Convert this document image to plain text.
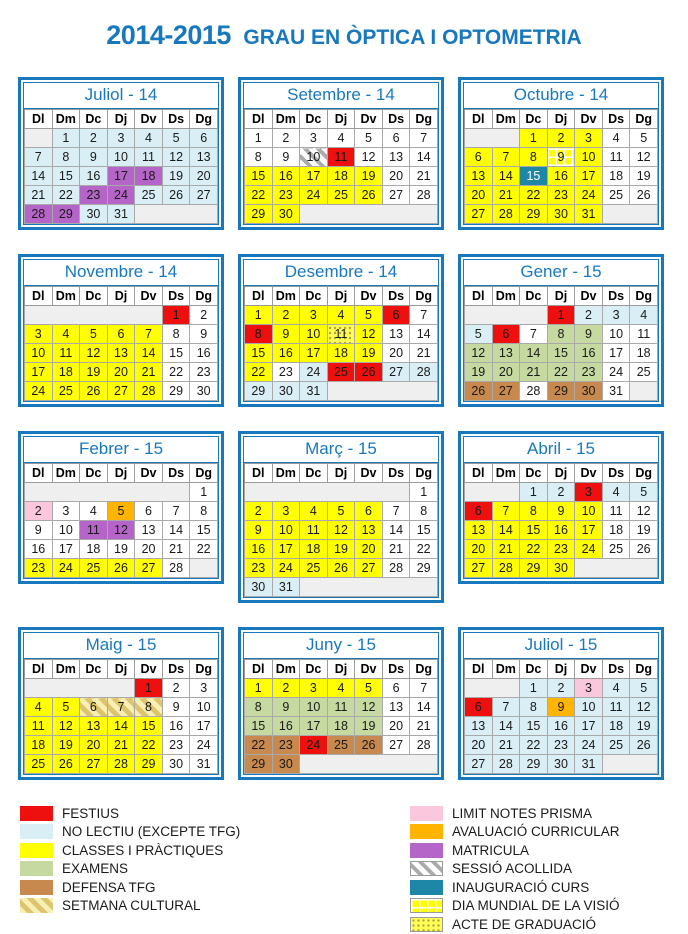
2014-2015 GRAU EN ÒPTICA I OPTOMETRIA
Juliol - 14
Dl	Dm	Dc	Dj	Dv	Ds	Dg
	1	2	3	4	5	6
7	8	9	10	11	12	13
14	15	16	17	18	19	20
21	22	23	24	25	26	27
28	29	30	31			
Setembre - 14
Dl	Dm	Dc	Dj	Dv	Ds	Dg
1	2	3	4	5	6	7
8	9	10	11	12	13	14
15	16	17	18	19	20	21
22	23	24	25	26	27	28
29	30					
Octubre - 14
Dl	Dm	Dc	Dj	Dv	Ds	Dg
		1	2	3	4	5
6	7	8	9	10	11	12
13	14	15	16	17	18	19
20	21	22	23	24	25	26
27	28	29	30	31		
Novembre - 14
Dl	Dm	Dc	Dj	Dv	Ds	Dg
					1	2
3	4	5	6	7	8	9
10	11	12	13	14	15	16
17	18	19	20	21	22	23
24	25	26	27	28	29	30
Desembre - 14
Dl	Dm	Dc	Dj	Dv	Ds	Dg
1	2	3	4	5	6	7
8	9	10	11	12	13	14
15	16	17	18	19	20	21
22	23	24	25	26	27	28
29	30	31				
Gener - 15
Dl	Dm	Dc	Dj	Dv	Ds	Dg
			1	2	3	4
5	6	7	8	9	10	11
12	13	14	15	16	17	18
19	20	21	22	23	24	25
26	27	28	29	30	31	
Febrer - 15
Dl	Dm	Dc	Dj	Dv	Ds	Dg
						1
2	3	4	5	6	7	8
9	10	11	12	13	14	15
16	17	18	19	20	21	22
23	24	25	26	27	28	
Març - 15
Dl	Dm	Dc	Dj	Dv	Ds	Dg
						1
2	3	4	5	6	7	8
9	10	11	12	13	14	15
16	17	18	19	20	21	22
23	24	25	26	27	28	29
30	31					
Abril - 15
Dl	Dm	Dc	Dj	Dv	Ds	Dg
		1	2	3	4	5
6	7	8	9	10	11	12
13	14	15	16	17	18	19
20	21	22	23	24	25	26
27	28	29	30			
Maig - 15
Dl	Dm	Dc	Dj	Dv	Ds	Dg
				1	2	3
4	5	6	7	8	9	10
11	12	13	14	15	16	17
18	19	20	21	22	23	24
25	26	27	28	29	30	31
Juny - 15
Dl	Dm	Dc	Dj	Dv	Ds	Dg
1	2	3	4	5	6	7
8	9	10	11	12	13	14
15	16	17	18	19	20	21
22	23	24	25	26	27	28
29	30					
Juliol - 15
Dl	Dm	Dc	Dj	Dv	Ds	Dg
		1	2	3	4	5
6	7	8	9	10	11	12
13	14	15	16	17	18	19
20	21	22	23	24	25	26
27	28	29	30	31		
FESTIUS
NO LECTIU (EXCEPTE TFG)
CLASSES I PRÀCTIQUES
EXAMENS
DEFENSA TFG
SETMANA CULTURAL
LIMIT NOTES PRISMA
AVALUACIÓ CURRICULAR
MATRICULA
SESSIÓ ACOLLIDA
INAUGURACIÓ CURS
DIA MUNDIAL DE LA VISIÓ
ACTE DE GRADUACIÓ
